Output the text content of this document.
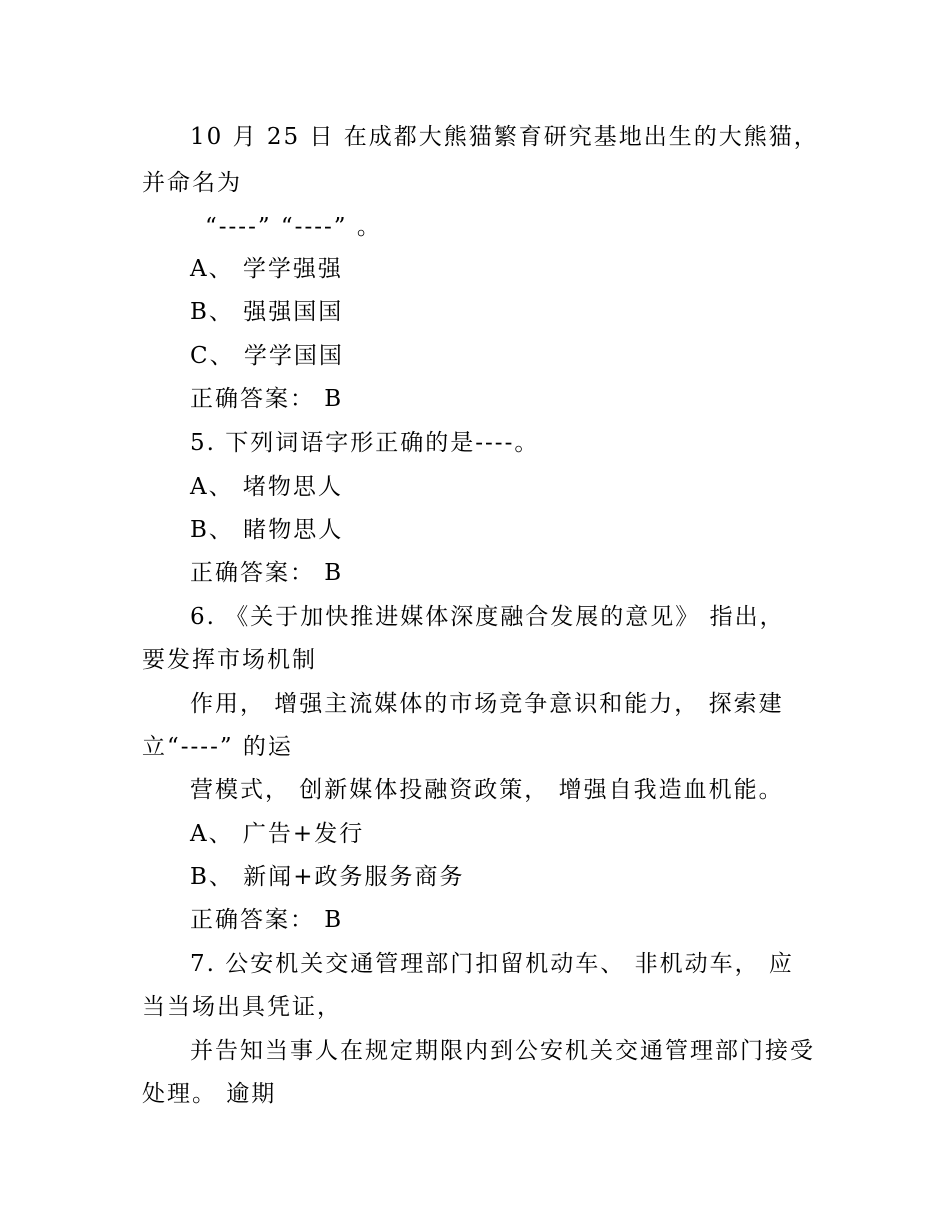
10 月 25 日 在成都大熊猫繁育研究基地出生的大熊猫，
并命名为
“----” “----” 。
A、 学学强强
B、 强强国国
C、 学学国国
正确答案： B
5. 下列词语字形正确的是----。
A、 堵物思人
B、 睹物思人
正确答案： B
6. 《关于加快推进媒体深度融合发展的意见》 指出，
要发挥市场机制
作用， 增强主流媒体的市场竞争意识和能力， 探索建
立“----” 的运
营模式， 创新媒体投融资政策， 增强自我造血机能。
A、 广告+发行
B、 新闻+政务服务商务
正确答案： B
7. 公安机关交通管理部门扣留机动车、 非机动车， 应
当当场出具凭证，
并告知当事人在规定期限内到公安机关交通管理部门接受
处理。 逾期
